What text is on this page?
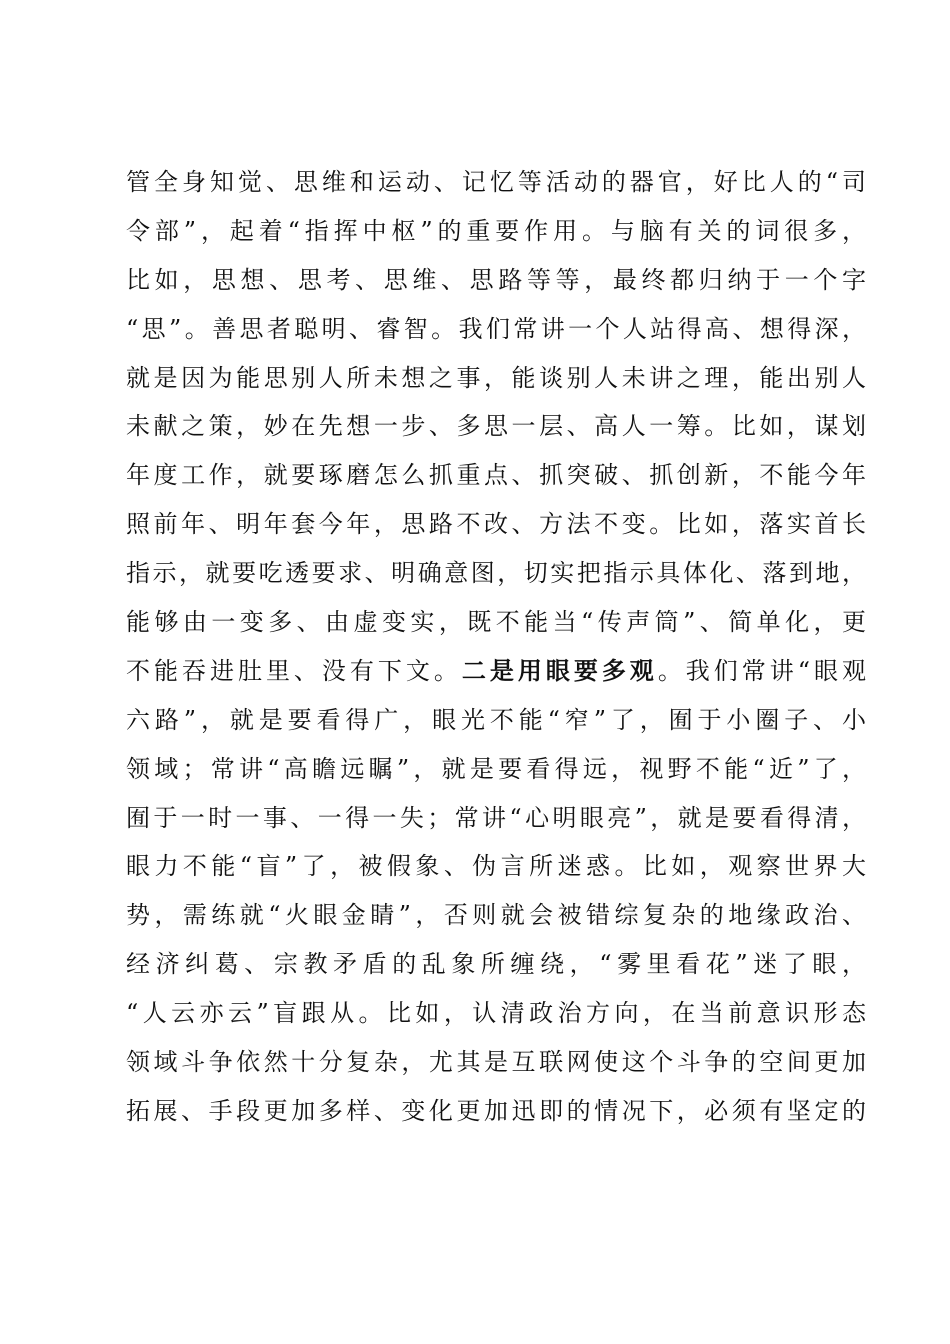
管全身知觉、思维和运动、记忆等活动的器官，好比人的“司
令部”，起着“指挥中枢”的重要作用。与脑有关的词很多，
比如，思想、思考、思维、思路等等，最终都归纳于一个字
“思”。善思者聪明、睿智。我们常讲一个人站得高、想得深，
就是因为能思别人所未想之事，能谈别人未讲之理，能出别人
未献之策，妙在先想一步、多思一层、高人一筹。比如，谋划
年度工作，就要琢磨怎么抓重点、抓突破、抓创新，不能今年
照前年、明年套今年，思路不改、方法不变。比如，落实首长
指示，就要吃透要求、明确意图，切实把指示具体化、落到地，
能够由一变多、由虚变实，既不能当“传声筒”、简单化，更
不能吞进肚里、没有下文。二是用眼要多观。我们常讲“眼观
六路”，就是要看得广，眼光不能“窄”了，囿于小圈子、小
领域；常讲“高瞻远瞩”，就是要看得远，视野不能“近”了，
囿于一时一事、一得一失；常讲“心明眼亮”，就是要看得清，
眼力不能“盲”了，被假象、伪言所迷惑。比如，观察世界大
势，需练就“火眼金睛”，否则就会被错综复杂的地缘政治、
经济纠葛、宗教矛盾的乱象所缠绕，“雾里看花”迷了眼，
“人云亦云”盲跟从。比如，认清政治方向，在当前意识形态
领域斗争依然十分复杂，尤其是互联网使这个斗争的空间更加
拓展、手段更加多样、变化更加迅即的情况下，必须有坚定的
